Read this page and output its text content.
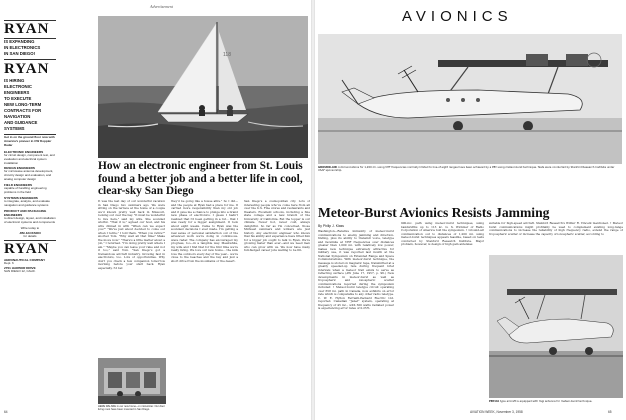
Advertisement
RYAN
IS EXPANDING
IN ELECTRONICS
IN SAN DIEGO!
RYAN
IS HIRING
ELECTRONIC
ENGINEERS
TO EXECUTE
NEW LONG-TERM
CONTRACTS FOR
NAVIGATION
AND GUIDANCE
SYSTEMS
Get in on the ground floor now with America's pioneer in CW Doppler Radar
ELECTRONIC ENGINEERS
for circuit design, component test, and evaluation and electrical system installation
DESIGN ENGINEERS
for microwave antenna development, circuitry design and evaluation, and analog computer design
FIELD ENGINEERS
capable of handling engineering problems in the field
SYSTEMS ENGINEERS
to integrate, analyze, and evaluate navigation and guidance systems
PRODUCT AND PACKAGING ENGINEERS
to direct design, layout, and installation of electronic systems and components
Write today to
JIM JACKSON
for details
RYAN
AERONAUTICAL COMPANY
Dept. 6
2701 HARBOR DRIVE
SAN DIEGO 12, CALIF.
118
How an electronic engineer from St. Louis found a better job and a better life in cool, clear-sky San Diego
It was the last day of our wonderful vacation in San Diego two summers ago. We were sitting on the terrace at the home of a couple we'd known pretty well back in Missouri, looking out over the bay. "It must be wonderful to live here," said my wife. She sounded wistful. "That it is," agreed our host, and his wife chimed in with "When can we expect you?" "We've just about decided to come out when I retire," I told them. "When you retire?" snorted Tom. "Why wait all that time? Make the move now." "There's a little matter about a job," I returned. "I'm doing pretty well where I am." "Maybe you can leave your rake and not it too," said Tom. "San Diego's got a tremendous aircraft industry. Growing fast in electronics, too. Lots of opportunities. Why don't you check a few companion tomorrow morning before your start back. Ryan especially. I'd bet
they'd be going like a house afire." So I did—and the people at Ryan had a place for me. It carried more responsibility than my old job and it gave me a chance to plunge into a brand new phase of electronics. I guess I hadn't realized that I'd been getting in a rut... that I was ready for a bigger assignment. It took about eight weeks. Came to Ryan was the soundest decisions I ever made. I'm getting a real sense of personal satisfaction out of the advanced work we're doing in continuous-wave radar. The company has encouraged my progress, too—in a tangible way. Meanwhile, my wife and I find that for the first time we're really living. We love our new home... the kids love the outdoors every day of the year... we're close to the beaches and the bay and just a short drive from the mountains or the desert.
San Diego's a cosmopolitan city. Lots of interesting people who've come here from all over the U.S. Fine stores and restaurants and theaters. Excellent schools, including a fine state college and a new branch of the University of California. But the topper is our climate. Never hot, never cold, always delightful. So far as I'm concerned, those Midwest summers and winters are just history. Any electronic engineer who knows that his ability and experience have fitted him for a bigger job ought to talk to Ryan. We're growing faster than ever—and we need men who can grow with us. We now have many full-fledged career jobs waiting to be fill-
HERE WE ARE in our new home—in mid-winter. Our door living must have been invented in San Diego.
64
AVIONICS
GROUND-AIR communications for 1,200 mi. using VHF frequencies normally limited to line-of-sight ranges have been achieved by a PBY using meteor-burst technique. Tests were conducted by Stanford Research Institute under USAF sponsorship.
Meteor-Burst Avionics Resists Jamming
By Philip J. Klass
Washington—Relative immunity of meteor-burst communications to enemy jamming and direction-finding, plus its ability to transmit voice, teletype and facsimile at VHF frequencies over distances greater than 1,000 mi. with relatively low power, makes new technique extremely attractive for military use, it was reported last month at the National Symposium on Extended Range and Space Communications. With meteor-burst technique, the message is stored on magnetic tape, transmitted at a greatly speeded-up rate during frequent brief intervals when a meteor trail exists to serve as reflecting surface (AW June 17, 1957, p. 96.) New developments in meteor-burst as well as tropospheric and ionospheric scatter communications reported during the symposium included: • Meteor-burst teletype circuit operating over 658 mi. path in Canada, now exhibits on error rate which is comparable to any other radio teletype. C. W. E. Hylton Ferranti-Packard Electric Ltd. reported. Canadian "Janet" system, operating at frequency of 45 mc., with 500 watts radiated power is experiencing error rates of 0.25%
900-mc. path using meteor-burst techniques, using bandwidths up to 113 kc. G. S. Wickizer of Radio Corporation of America told the symposium. • Ground-air communication out to distances of 1,200 mi. using meteor-burst techniques appears feasible, based on tests conducted by Stanford Research Institute. Major problem, however, is design of high gain antennas
suitable for high-speed aircraft. Stanford Research's Wilbur R. Vincent mentioned. • Meteor burst communications might profitably be used to complement existing long-range communications to increase the reliability of high frequency radio, extend the range of tropospheric scatter or increase the capacity of ionospheric scatter, according to
PBY-6A type aircraft is equipped with Yagi antenna for meteor-burst technique.
AVIATION WEEK, November 3, 1958	65
